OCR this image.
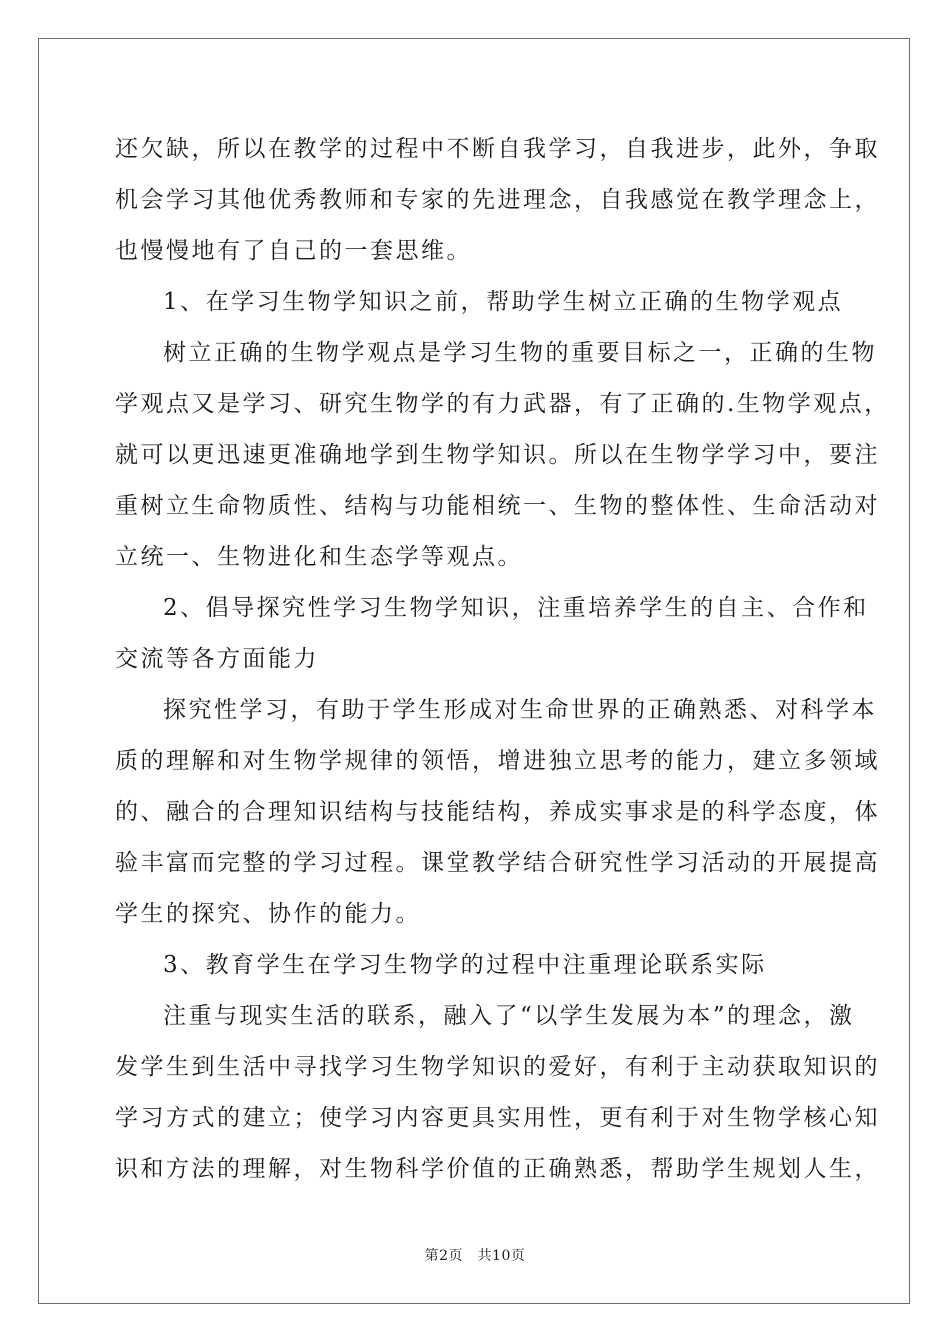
还欠缺，所以在教学的过程中不断自我学习，自我进步，此外，争取
机会学习其他优秀教师和专家的先进理念，自我感觉在教学理念上，
也慢慢地有了自己的一套思维。
1、在学习生物学知识之前，帮助学生树立正确的生物学观点
树立正确的生物学观点是学习生物的重要目标之一，正确的生物
学观点又是学习、研究生物学的有力武器，有了正确的.生物学观点，
就可以更迅速更准确地学到生物学知识。所以在生物学学习中，要注
重树立生命物质性、结构与功能相统一、生物的整体性、生命活动对
立统一、生物进化和生态学等观点。
2、倡导探究性学习生物学知识，注重培养学生的自主、合作和
交流等各方面能力
探究性学习，有助于学生形成对生命世界的正确熟悉、对科学本
质的理解和对生物学规律的领悟，增进独立思考的能力，建立多领域
的、融合的合理知识结构与技能结构，养成实事求是的科学态度，体
验丰富而完整的学习过程。课堂教学结合研究性学习活动的开展提高
学生的探究、协作的能力。
3、教育学生在学习生物学的过程中注重理论联系实际
注重与现实生活的联系，融入了“以学生发展为本”的理念，激
发学生到生活中寻找学习生物学知识的爱好，有利于主动获取知识的
学习方式的建立；使学习内容更具实用性，更有利于对生物学核心知
识和方法的理解，对生物科学价值的正确熟悉，帮助学生规划人生，
第2页　共10页
